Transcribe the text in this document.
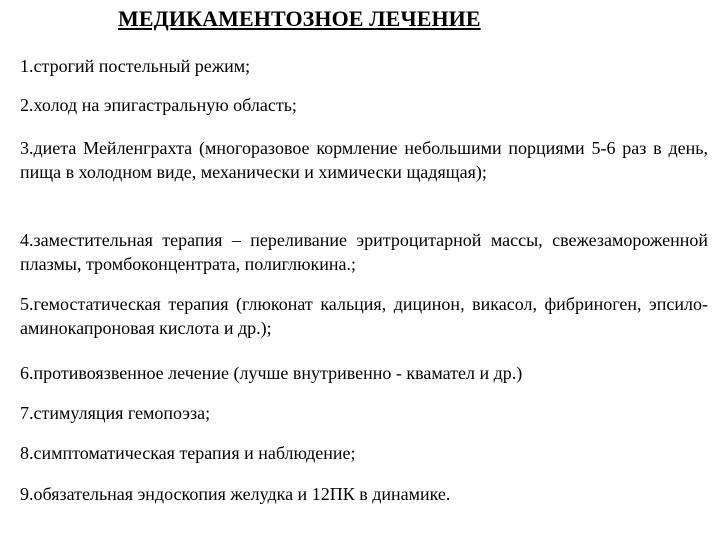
МЕДИКАМЕНТОЗНОЕ ЛЕЧЕНИЕ
1.строгий постельный режим;
2.холод на эпигастральную область;
3.диета Мейленграхта (многоразовое кормление небольшими порциями 5-6 раз в день, пища в холодном виде, механически и химически щадящая);
4.заместительная терапия – переливание эритроцитарной массы, свежезамороженной плазмы, тромбоконцентрата, полиглюкина.;
5.гемостатическая терапия (глюконат кальция, дицинон, викасол, фибриноген, эпсило-аминокапроновая кислота и др.);
6.противоязвенное лечение (лучше внутривенно - квамател и др.)
7.стимуляция гемопоэза;
8.симптоматическая терапия и наблюдение;
9.обязательная эндоскопия желудка и 12ПК в динамике.
